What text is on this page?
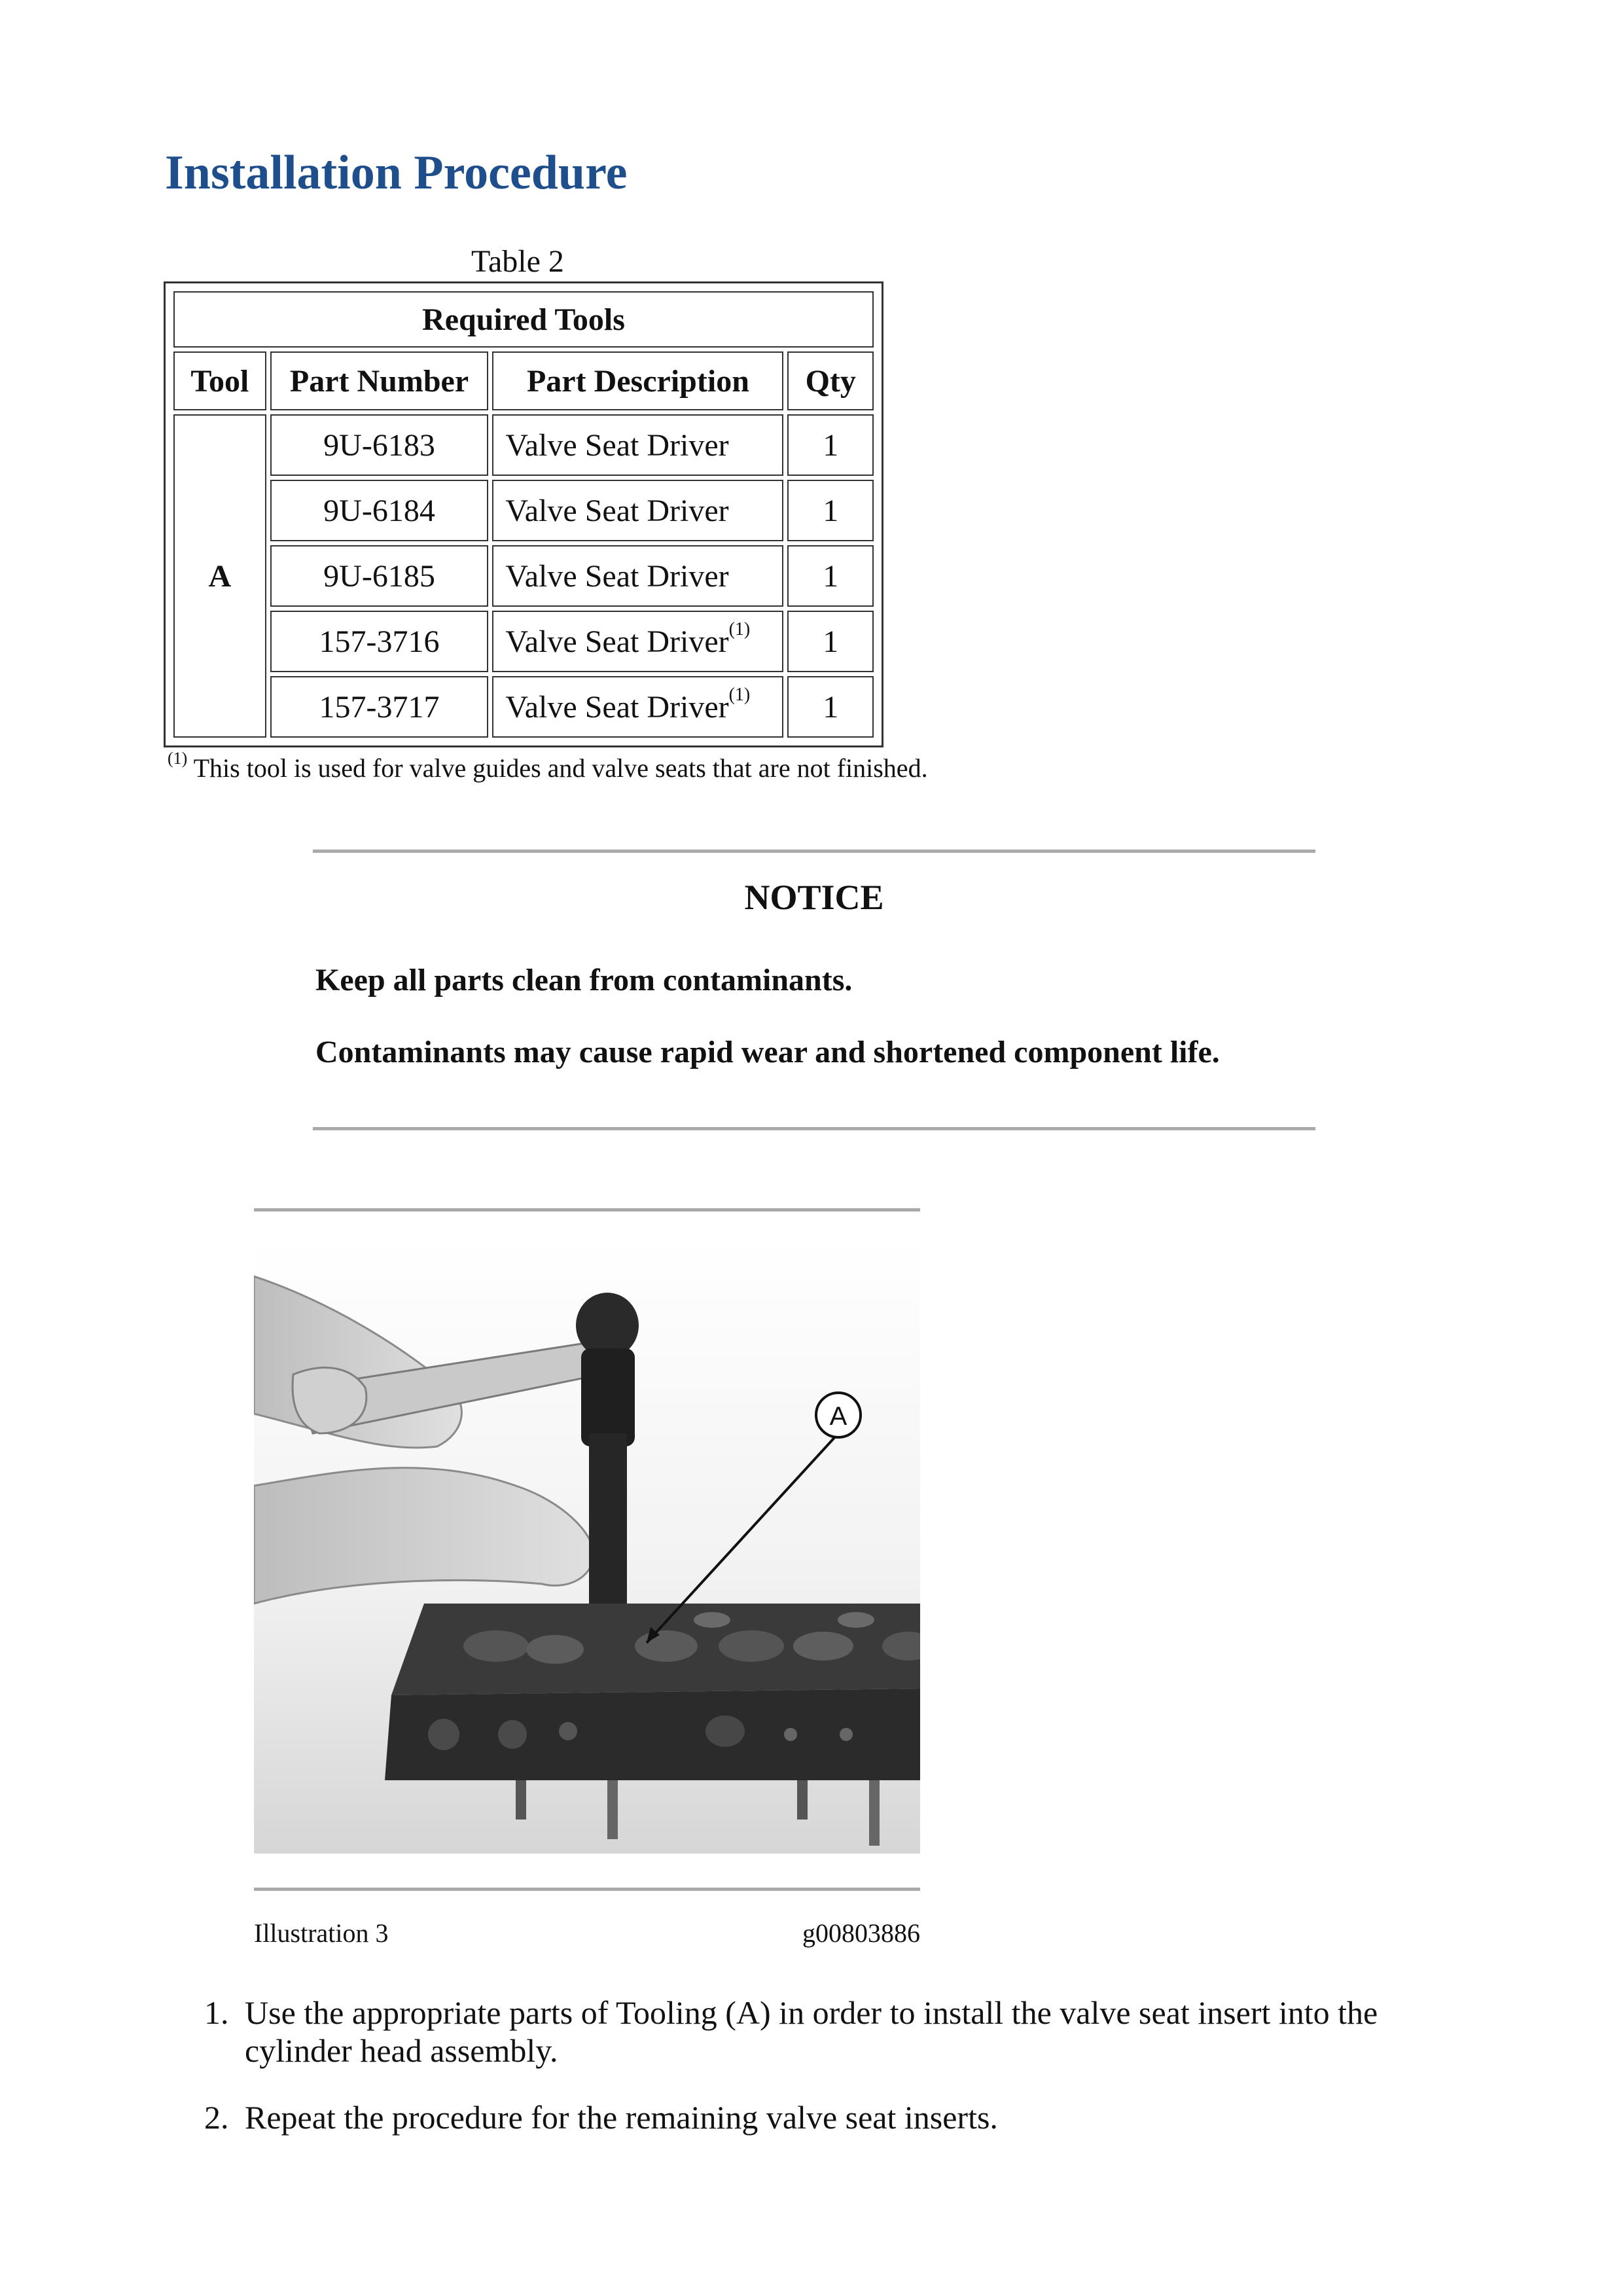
Installation Procedure
Table 2
Required Tools			
Tool	Part Number	Part Description	Qty
A	9U-6183	Valve Seat Driver	1
	9U-6184	Valve Seat Driver	1
	9U-6185	Valve Seat Driver	1
	157-3716	Valve Seat Driver$^{(1)}$	1
	157-3717	Valve Seat Driver$^{(1)}$	1
$^{(1)}$ This tool is used for valve guides and valve seats that are not finished.
NOTICE
Keep all parts clean from contaminants.
Contaminants may cause rapid wear and shortened component life.
A
Illustration 3	g00803886
1. Use the appropriate parts of Tooling (A) in order to install the valve seat insert into the cylinder head assembly.
2. Repeat the procedure for the remaining valve seat inserts.
